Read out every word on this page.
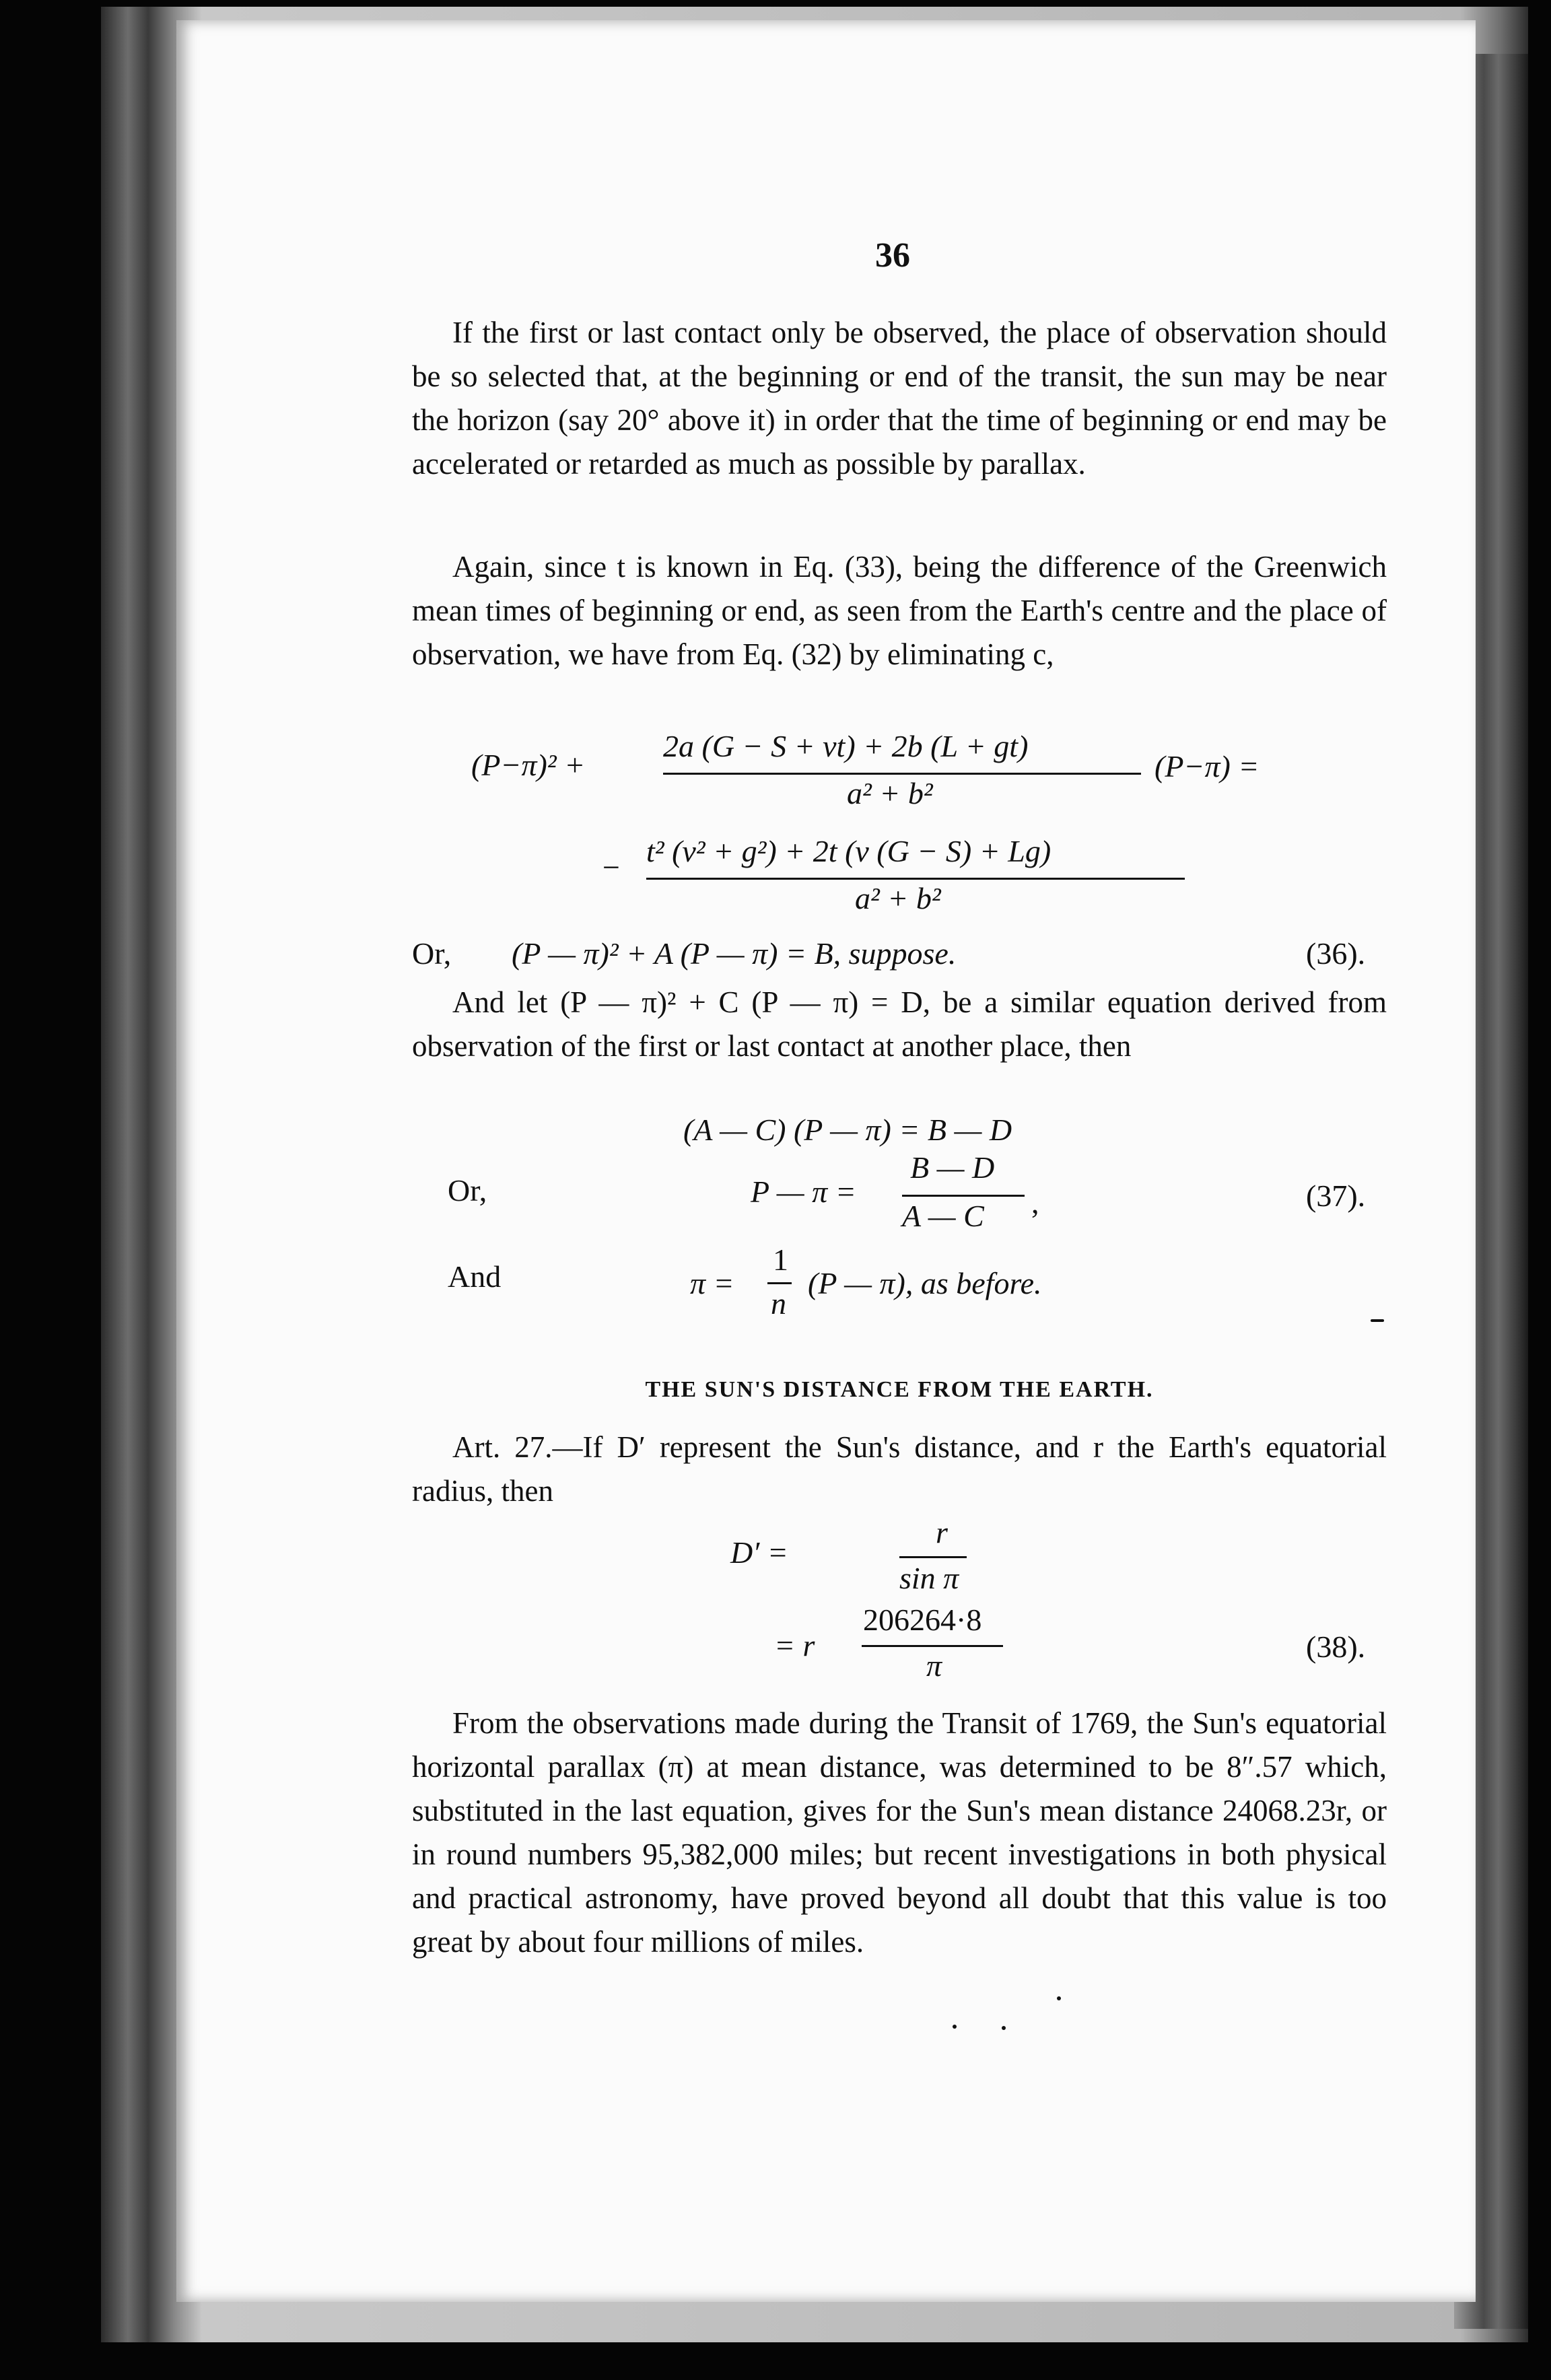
36
If the first or last contact only be observed, the place of observation should be so selected that, at the beginning or end of the transit, the sun may be near the horizon (say 20° above it) in order that the time of beginning or end may be accelerated or retarded as much as possible by parallax.
Again, since t is known in Eq. (33), being the difference of the Greenwich mean times of beginning or end, as seen from the Earth's centre and the place of observation, we have from Eq. (32) by eliminating c,
(P−π)² +
2a (G − S + vt) + 2b (L + gt)
a² + b²
(P−π) =
− t² (v² + g²) + 2t (v (G − S) + Lg)
a² + b²
Or, (P — π)² + A (P — π) = B, suppose.	(36).
And let (P — π)² + C (P — π) = D, be a similar equation derived from observation of the first or last contact at another place, then
(A — C) (P — π) = B — D
Or,	P — π =
B — D
A — C ,	(37).
And	π =
1
n
(P — π), as before.
THE SUN'S DISTANCE FROM THE EARTH.
Art. 27.—If D′ represent the Sun's distance, and r the Earth's equatorial radius, then
D′ =
r
sin π
= r
206264·8
π
(38).
From the observations made during the Transit of 1769, the Sun's equatorial horizontal parallax (π) at mean distance, was determined to be 8″.57 which, substituted in the last equation, gives for the Sun's mean distance 24068.23r, or in round numbers 95,382,000 miles; but recent investigations in both physical and practical astronomy, have proved beyond all doubt that this value is too great by about four millions of miles.
